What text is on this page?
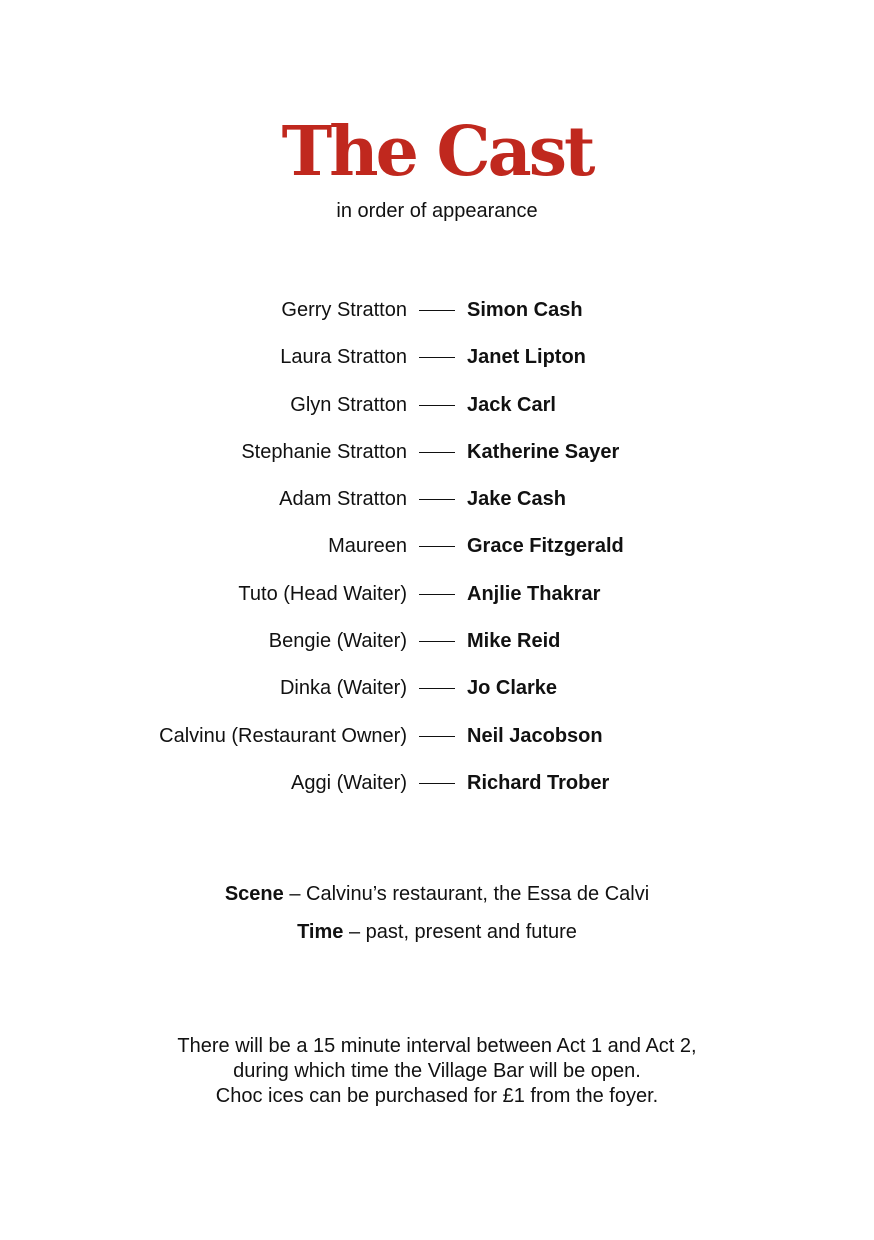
The Cast
in order of appearance
Gerry Stratton	Simon Cash
Laura Stratton	Janet Lipton
Glyn Stratton	Jack Carl
Stephanie Stratton	Katherine Sayer
Adam Stratton	Jake Cash
Maureen	Grace Fitzgerald
Tuto (Head Waiter)	Anjlie Thakrar
Bengie (Waiter)	Mike Reid
Dinka (Waiter)	Jo Clarke
Calvinu (Restaurant Owner)	Neil Jacobson
Aggi (Waiter)	Richard Trober
Scene – Calvinu’s restaurant, the Essa de Calvi
Time – past, present and future
There will be a 15 minute interval between Act 1 and Act 2,
during which time the Village Bar will be open.
Choc ices can be purchased for £1 from the foyer.
